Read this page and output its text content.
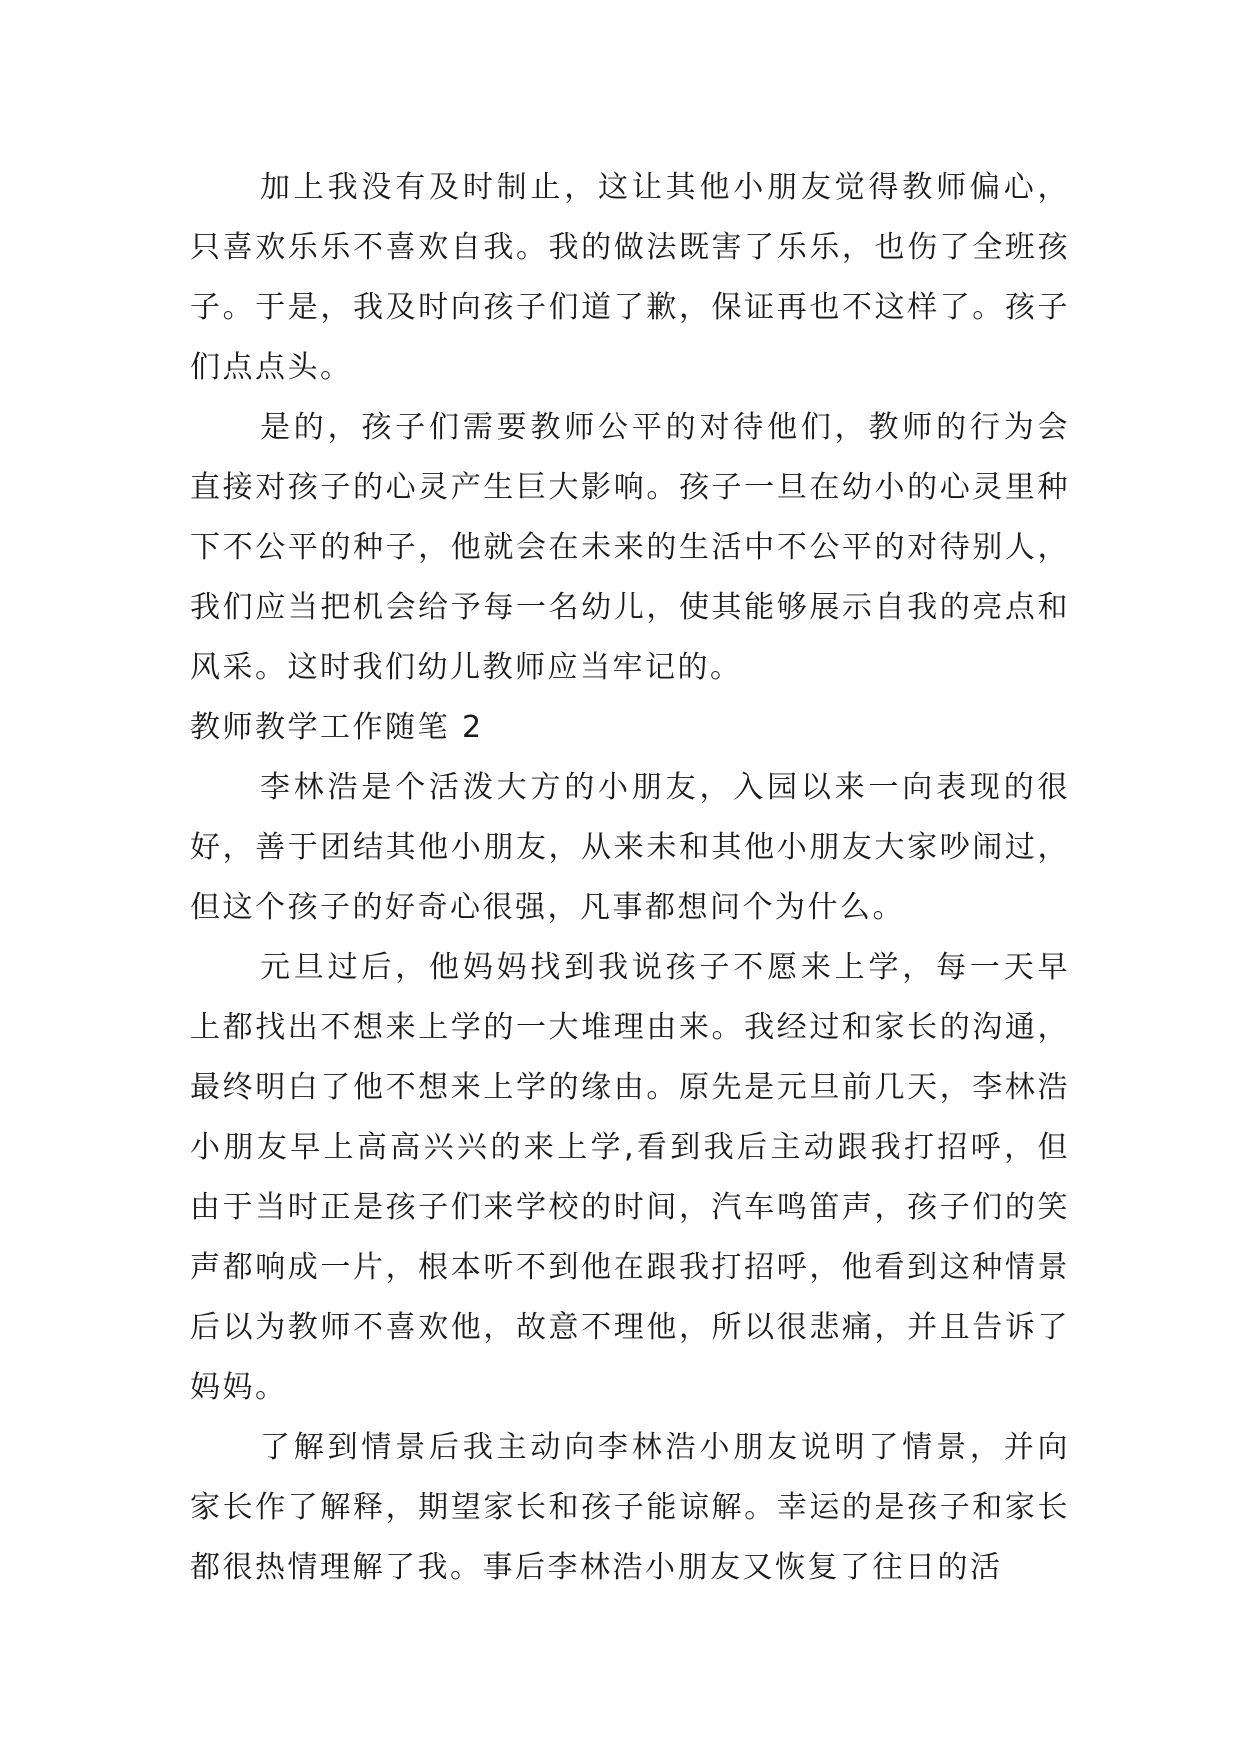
加上我没有及时制止，这让其他小朋友觉得教师偏心，只喜欢乐乐不喜欢自我。我的做法既害了乐乐，也伤了全班孩子。于是，我及时向孩子们道了歉，保证再也不这样了。孩子们点点头。

是的，孩子们需要教师公平的对待他们，教师的行为会直接对孩子的心灵产生巨大影响。孩子一旦在幼小的心灵里种下不公平的种子，他就会在未来的生活中不公平的对待别人，我们应当把机会给予每一名幼儿，使其能够展示自我的亮点和风采。这时我们幼儿教师应当牢记的。

教师教学工作随笔 2

李林浩是个活泼大方的小朋友，入园以来一向表现的很好，善于团结其他小朋友，从来未和其他小朋友大家吵闹过，但这个孩子的好奇心很强，凡事都想问个为什么。

元旦过后，他妈妈找到我说孩子不愿来上学，每一天早上都找出不想来上学的一大堆理由来。我经过和家长的沟通，最终明白了他不想来上学的缘由。原先是元旦前几天，李林浩小朋友早上高高兴兴的来上学,看到我后主动跟我打招呼，但由于当时正是孩子们来学校的时间，汽车鸣笛声，孩子们的笑声都响成一片，根本听不到他在跟我打招呼，他看到这种情景后以为教师不喜欢他，故意不理他，所以很悲痛，并且告诉了妈妈。

了解到情景后我主动向李林浩小朋友说明了情景，并向家长作了解释，期望家长和孩子能谅解。幸运的是孩子和家长都很热情理解了我。事后李林浩小朋友又恢复了往日的活
